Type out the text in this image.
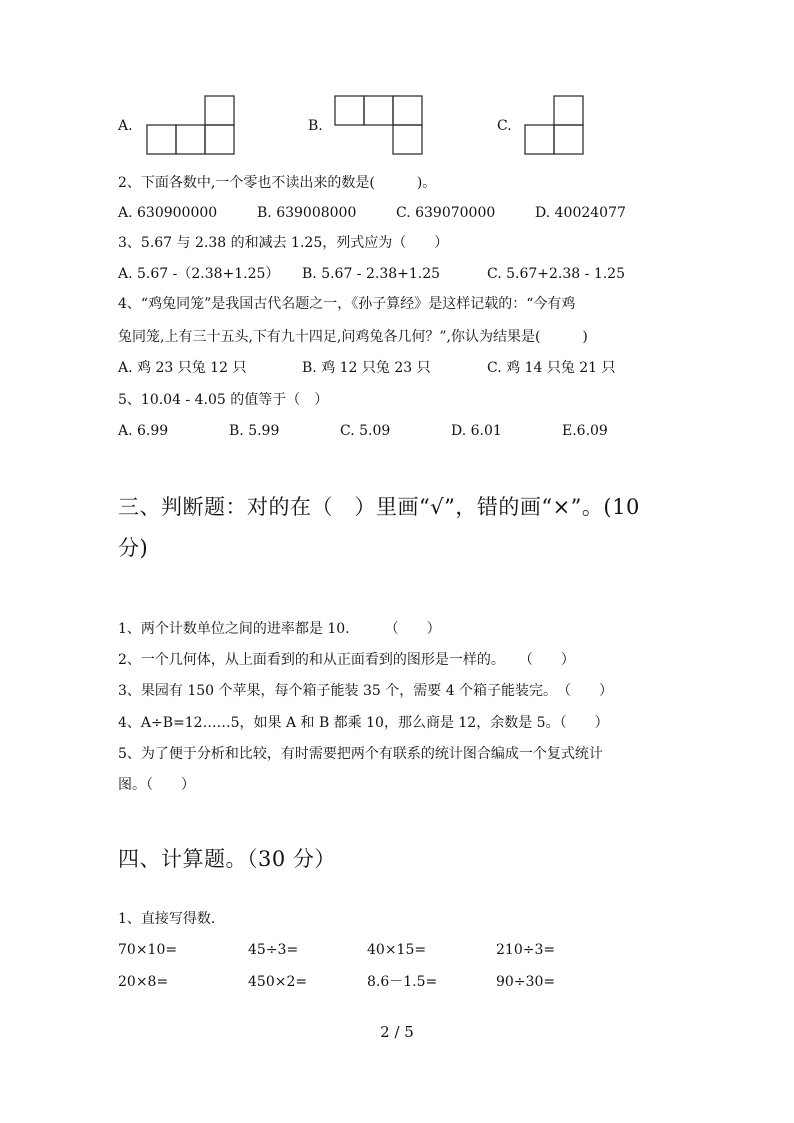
A.	B.	C.
2、下面各数中,一个零也不读出来的数是(　　　)。
A. 630900000	B. 639008000	C. 639070000	D. 40024077
3、5.67 与 2.38 的和减去 1.25，列式应为（　　）
A. 5.67 -（2.38+1.25） B. 5.67 - 2.38+1.25	C. 5.67+2.38 - 1.25
4、“鸡兔同笼”是我国古代名题之一，《孙子算经》是这样记载的：“今有鸡
兔同笼,上有三十五头,下有九十四足,问鸡兔各几何？”,你认为结果是(　　　)
A. 鸡 23 只兔 12 只	B. 鸡 12 只兔 23 只	C. 鸡 14 只兔 21 只
5、10.04 - 4.05 的值等于（　）
A. 6.99	B. 5.99	C. 5.09	D. 6.01	E.6.09
三、判断题：对的在（　）里画“√”，错的画“×”。(10
分)
1、两个计数单位之间的进率都是 10.　　　（　　）
2、一个几何体，从上面看到的和从正面看到的图形是一样的。　　（　　）
3、果园有 150 个苹果，每个箱子能装 35 个，需要 4 个箱子能装完。　（　　）
4、A÷B=12……5，如果 A 和 B 都乘 10，那么商是 12，余数是 5。（　　）
5、为了便于分析和比较，有时需要把两个有联系的统计图合编成一个复式统计
图。（　　）
四、计算题。（30 分）
1、直接写得数.
70×10=	45÷3=	40×15=	210÷3=
20×8=	450×2=	8.6－1.5=	90÷30=
2 / 5
